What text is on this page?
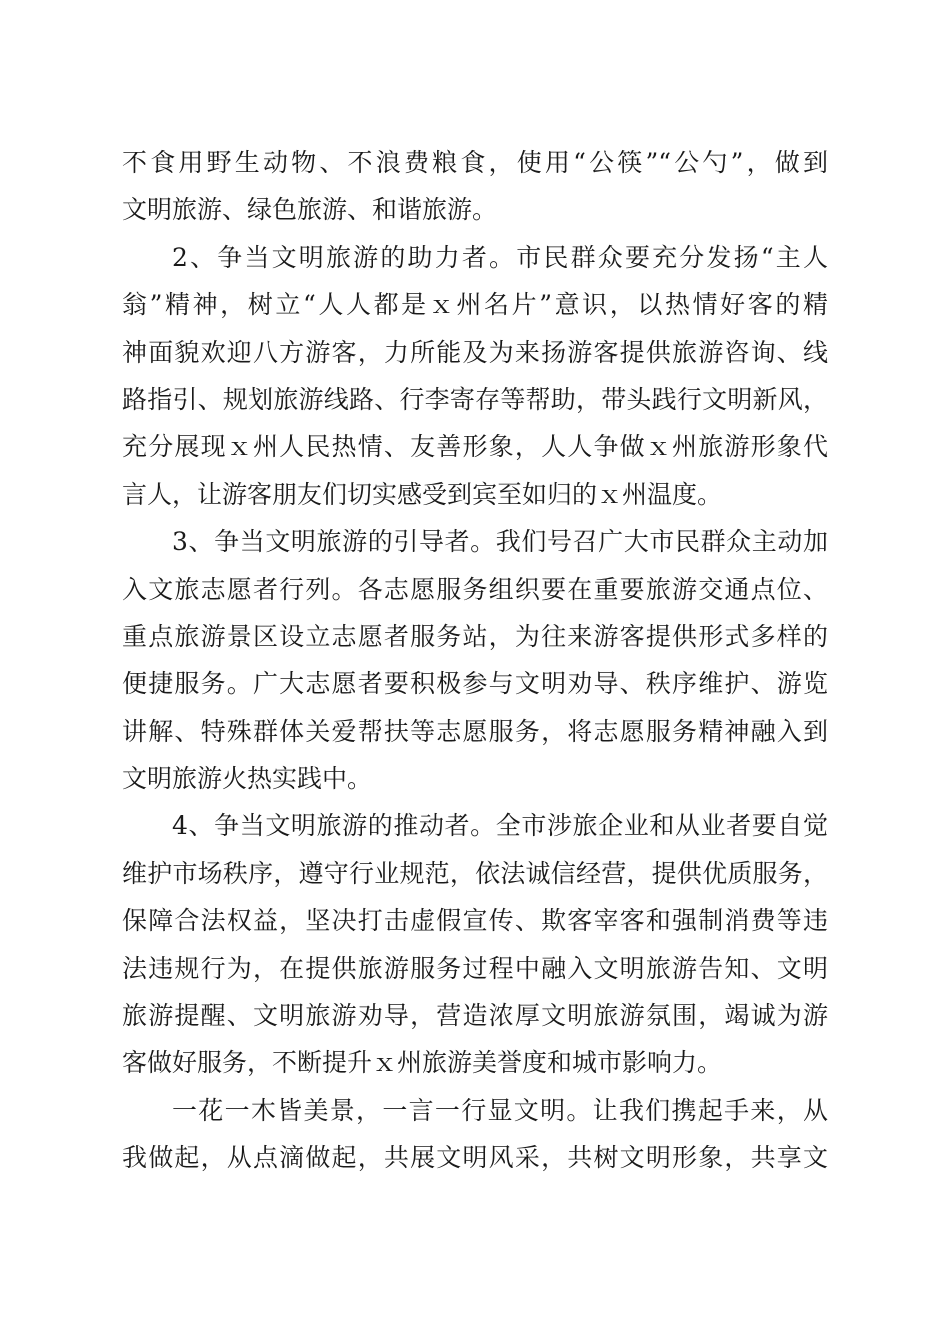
不食用野生动物、不浪费粮食，使用“公筷”“公勺”，做到
文明旅游、绿色旅游、和谐旅游。
2、争当文明旅游的助力者。市民群众要充分发扬“主人
翁”精神，树立“人人都是ｘ州名片”意识，以热情好客的精
神面貌欢迎八方游客，力所能及为来扬游客提供旅游咨询、线
路指引、规划旅游线路、行李寄存等帮助，带头践行文明新风，
充分展现ｘ州人民热情、友善形象，人人争做ｘ州旅游形象代
言人，让游客朋友们切实感受到宾至如归的ｘ州温度。
3、争当文明旅游的引导者。我们号召广大市民群众主动加
入文旅志愿者行列。各志愿服务组织要在重要旅游交通点位、
重点旅游景区设立志愿者服务站，为往来游客提供形式多样的
便捷服务。广大志愿者要积极参与文明劝导、秩序维护、游览
讲解、特殊群体关爱帮扶等志愿服务，将志愿服务精神融入到
文明旅游火热实践中。
4、争当文明旅游的推动者。全市涉旅企业和从业者要自觉
维护市场秩序，遵守行业规范，依法诚信经营，提供优质服务，
保障合法权益，坚决打击虚假宣传、欺客宰客和强制消费等违
法违规行为，在提供旅游服务过程中融入文明旅游告知、文明
旅游提醒、文明旅游劝导，营造浓厚文明旅游氛围，竭诚为游
客做好服务，不断提升ｘ州旅游美誉度和城市影响力。
一花一木皆美景，一言一行显文明。让我们携起手来，从
我做起，从点滴做起，共展文明风采，共树文明形象，共享文
